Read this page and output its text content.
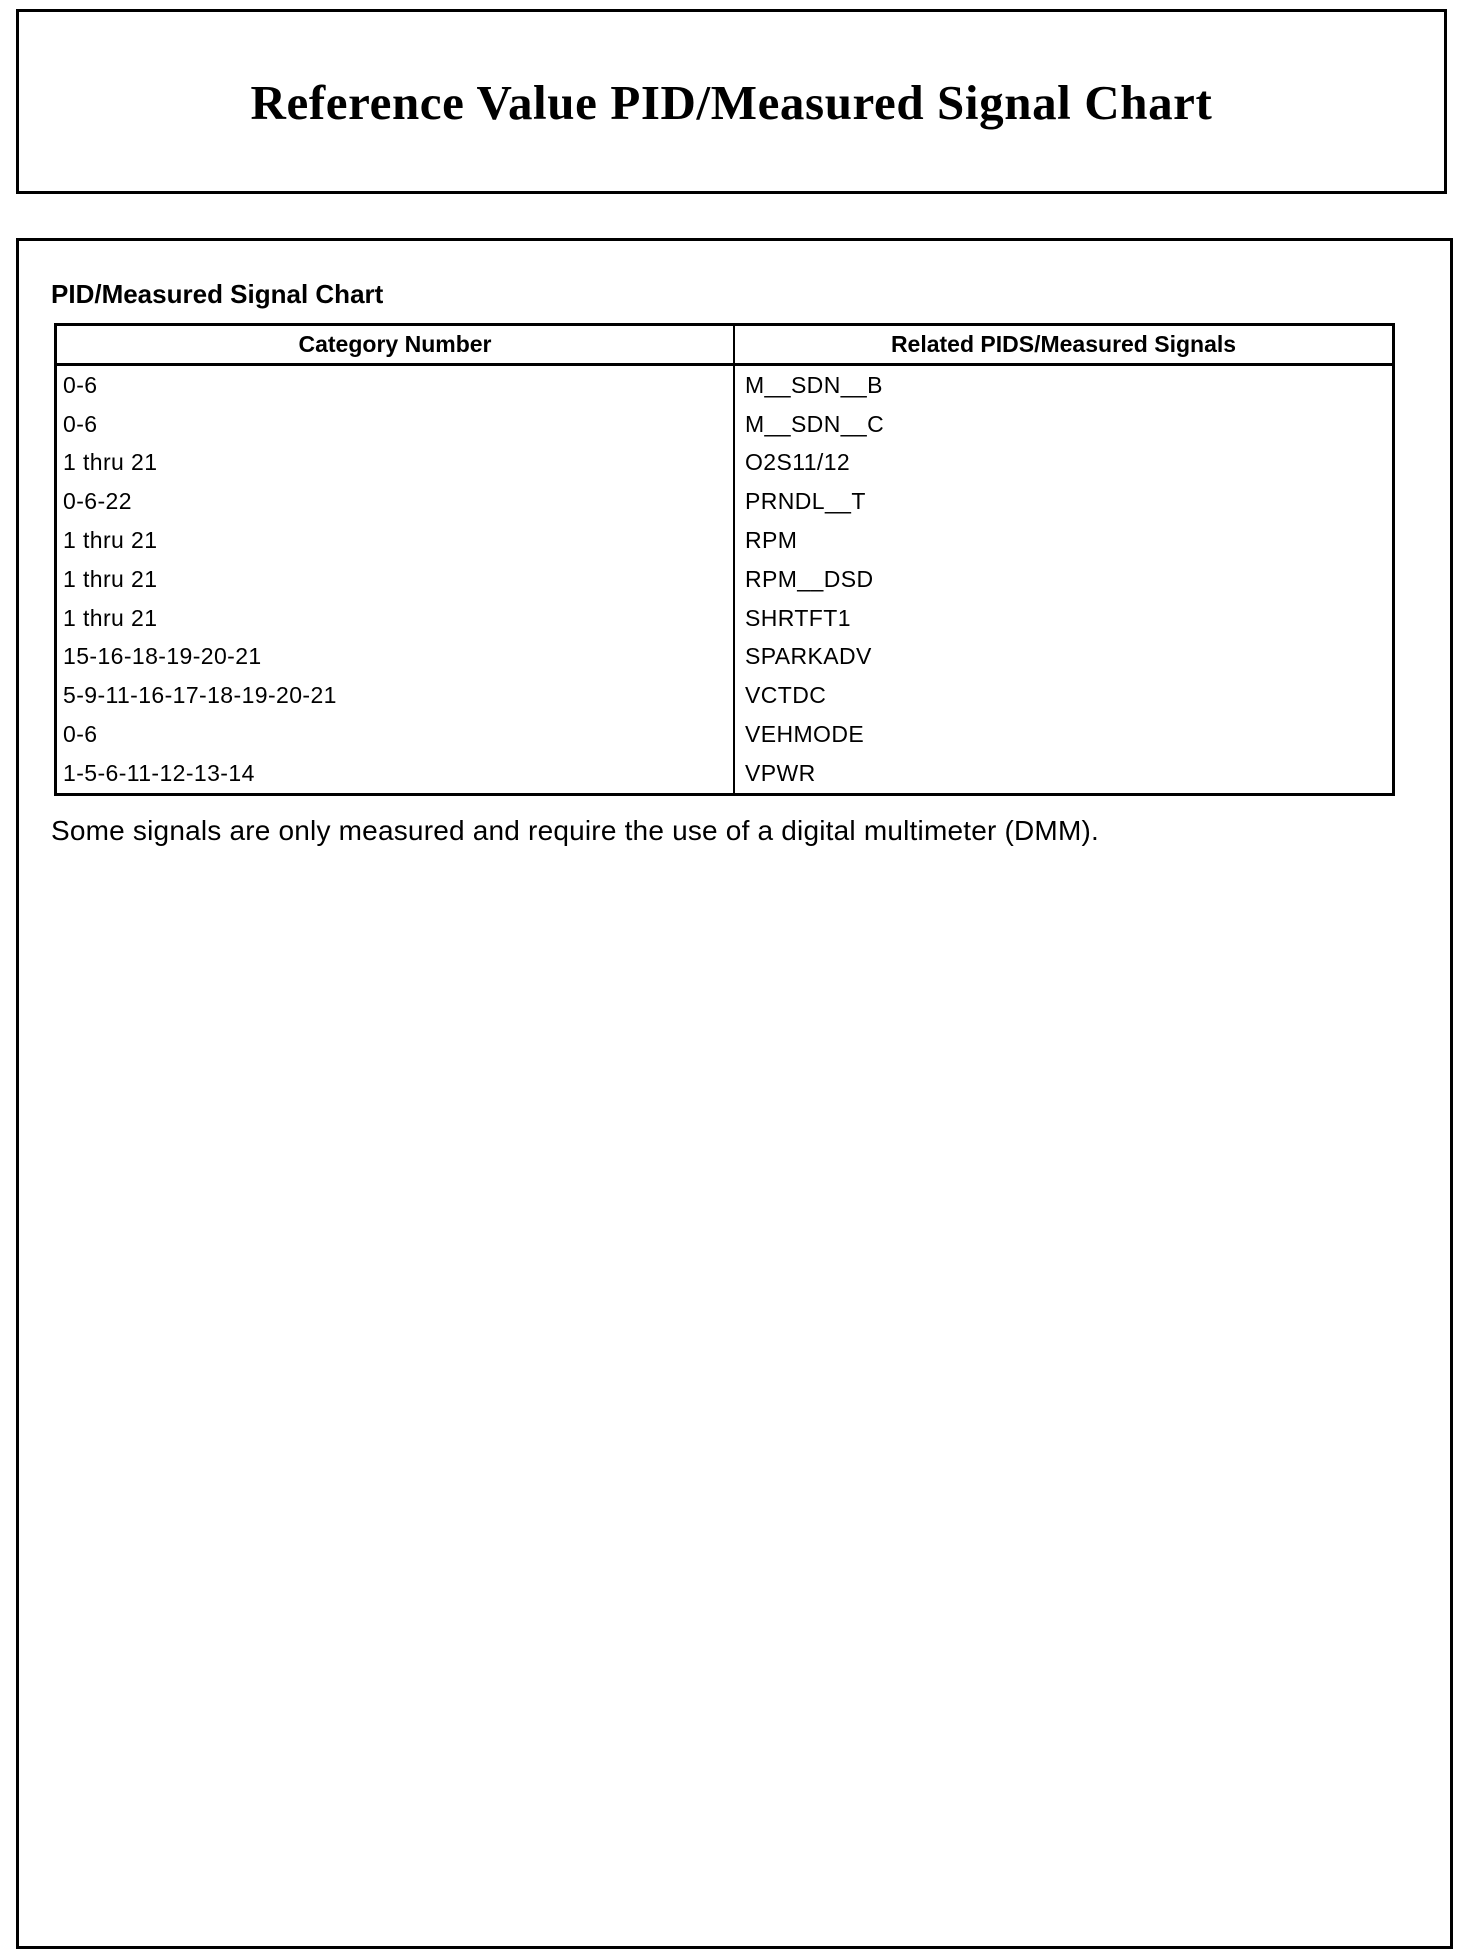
Reference Value PID/Measured Signal Chart
PID/Measured Signal Chart
Category Number	Related PIDS/Measured Signals
0-6	M__SDN__B
0-6	M__SDN__C
1 thru 21	O2S11/12
0-6-22	PRNDL__T
1 thru 21	RPM
1 thru 21	RPM__DSD
1 thru 21	SHRTFT1
15-16-18-19-20-21	SPARKADV
5-9-11-16-17-18-19-20-21	VCTDC
0-6	VEHMODE
1-5-6-11-12-13-14	VPWR

Some signals are only measured and require the use of a digital multimeter (DMM).
